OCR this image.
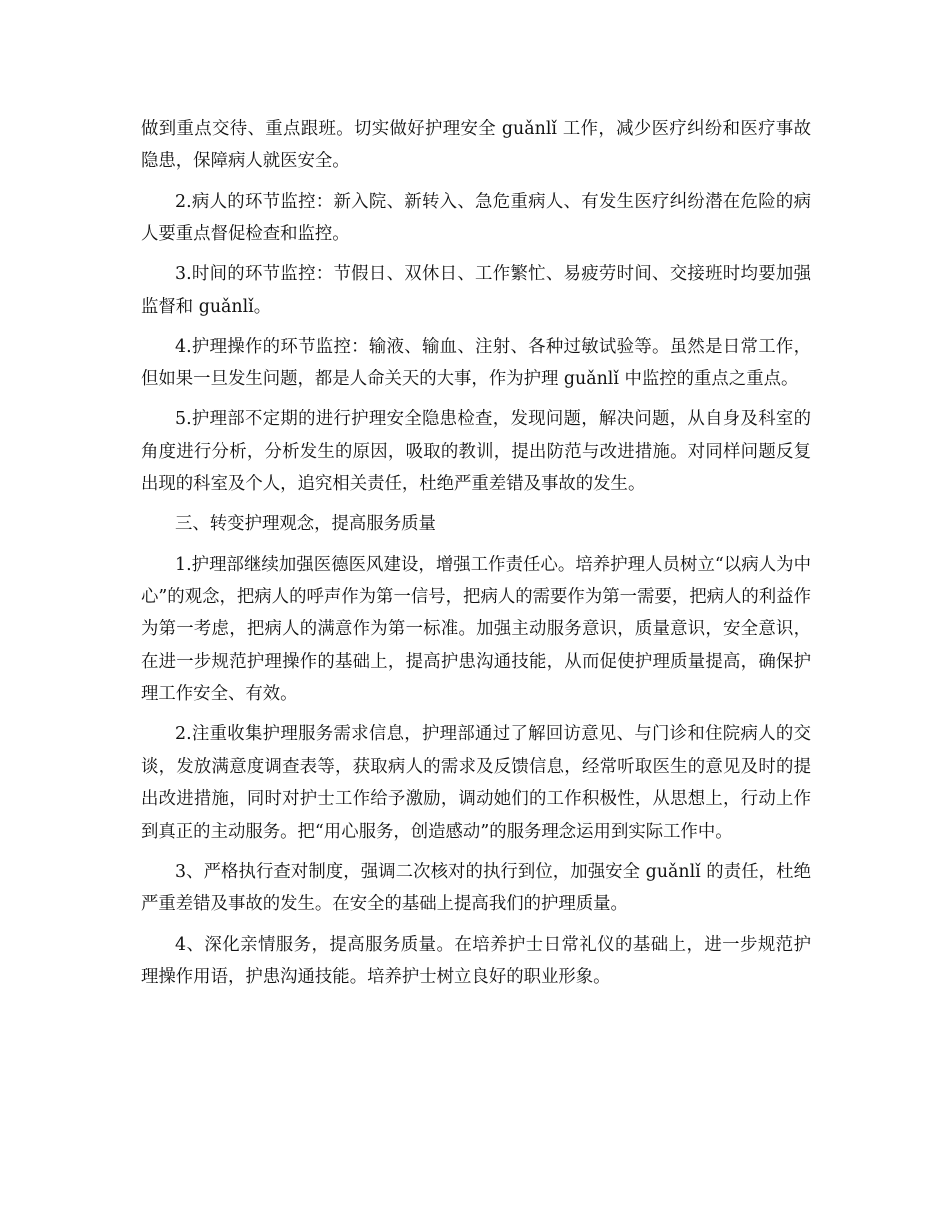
做到重点交待、重点跟班。切实做好护理安全 guǎnlǐ 工作，减少医疗纠纷和医疗事故隐患，保障病人就医安全。

2.病人的环节监控：新入院、新转入、急危重病人、有发生医疗纠纷潜在危险的病人要重点督促检查和监控。

3.时间的环节监控：节假日、双休日、工作繁忙、易疲劳时间、交接班时均要加强监督和 guǎnlǐ。

4.护理操作的环节监控：输液、输血、注射、各种过敏试验等。虽然是日常工作，但如果一旦发生问题，都是人命关天的大事，作为护理 guǎnlǐ 中监控的重点之重点。

5.护理部不定期的进行护理安全隐患检查，发现问题，解决问题，从自身及科室的角度进行分析，分析发生的原因，吸取的教训，提出防范与改进措施。对同样问题反复出现的科室及个人，追究相关责任，杜绝严重差错及事故的发生。

三、转变护理观念，提高服务质量

1.护理部继续加强医德医风建设，增强工作责任心。培养护理人员树立“以病人为中心”的观念，把病人的呼声作为第一信号，把病人的需要作为第一需要，把病人的利益作为第一考虑，把病人的满意作为第一标准。加强主动服务意识，质量意识，安全意识，在进一步规范护理操作的基础上，提高护患沟通技能，从而促使护理质量提高，确保护理工作安全、有效。

2.注重收集护理服务需求信息，护理部通过了解回访意见、与门诊和住院病人的交谈，发放满意度调查表等，获取病人的需求及反馈信息，经常听取医生的意见及时的提出改进措施，同时对护士工作给予激励，调动她们的工作积极性，从思想上，行动上作到真正的主动服务。把“用心服务，创造感动”的服务理念运用到实际工作中。

3、严格执行查对制度，强调二次核对的执行到位，加强安全 guǎnlǐ 的责任，杜绝严重差错及事故的发生。在安全的基础上提高我们的护理质量。

4、深化亲情服务，提高服务质量。在培养护士日常礼仪的基础上，进一步规范护理操作用语，护患沟通技能。培养护士树立良好的职业形象。
